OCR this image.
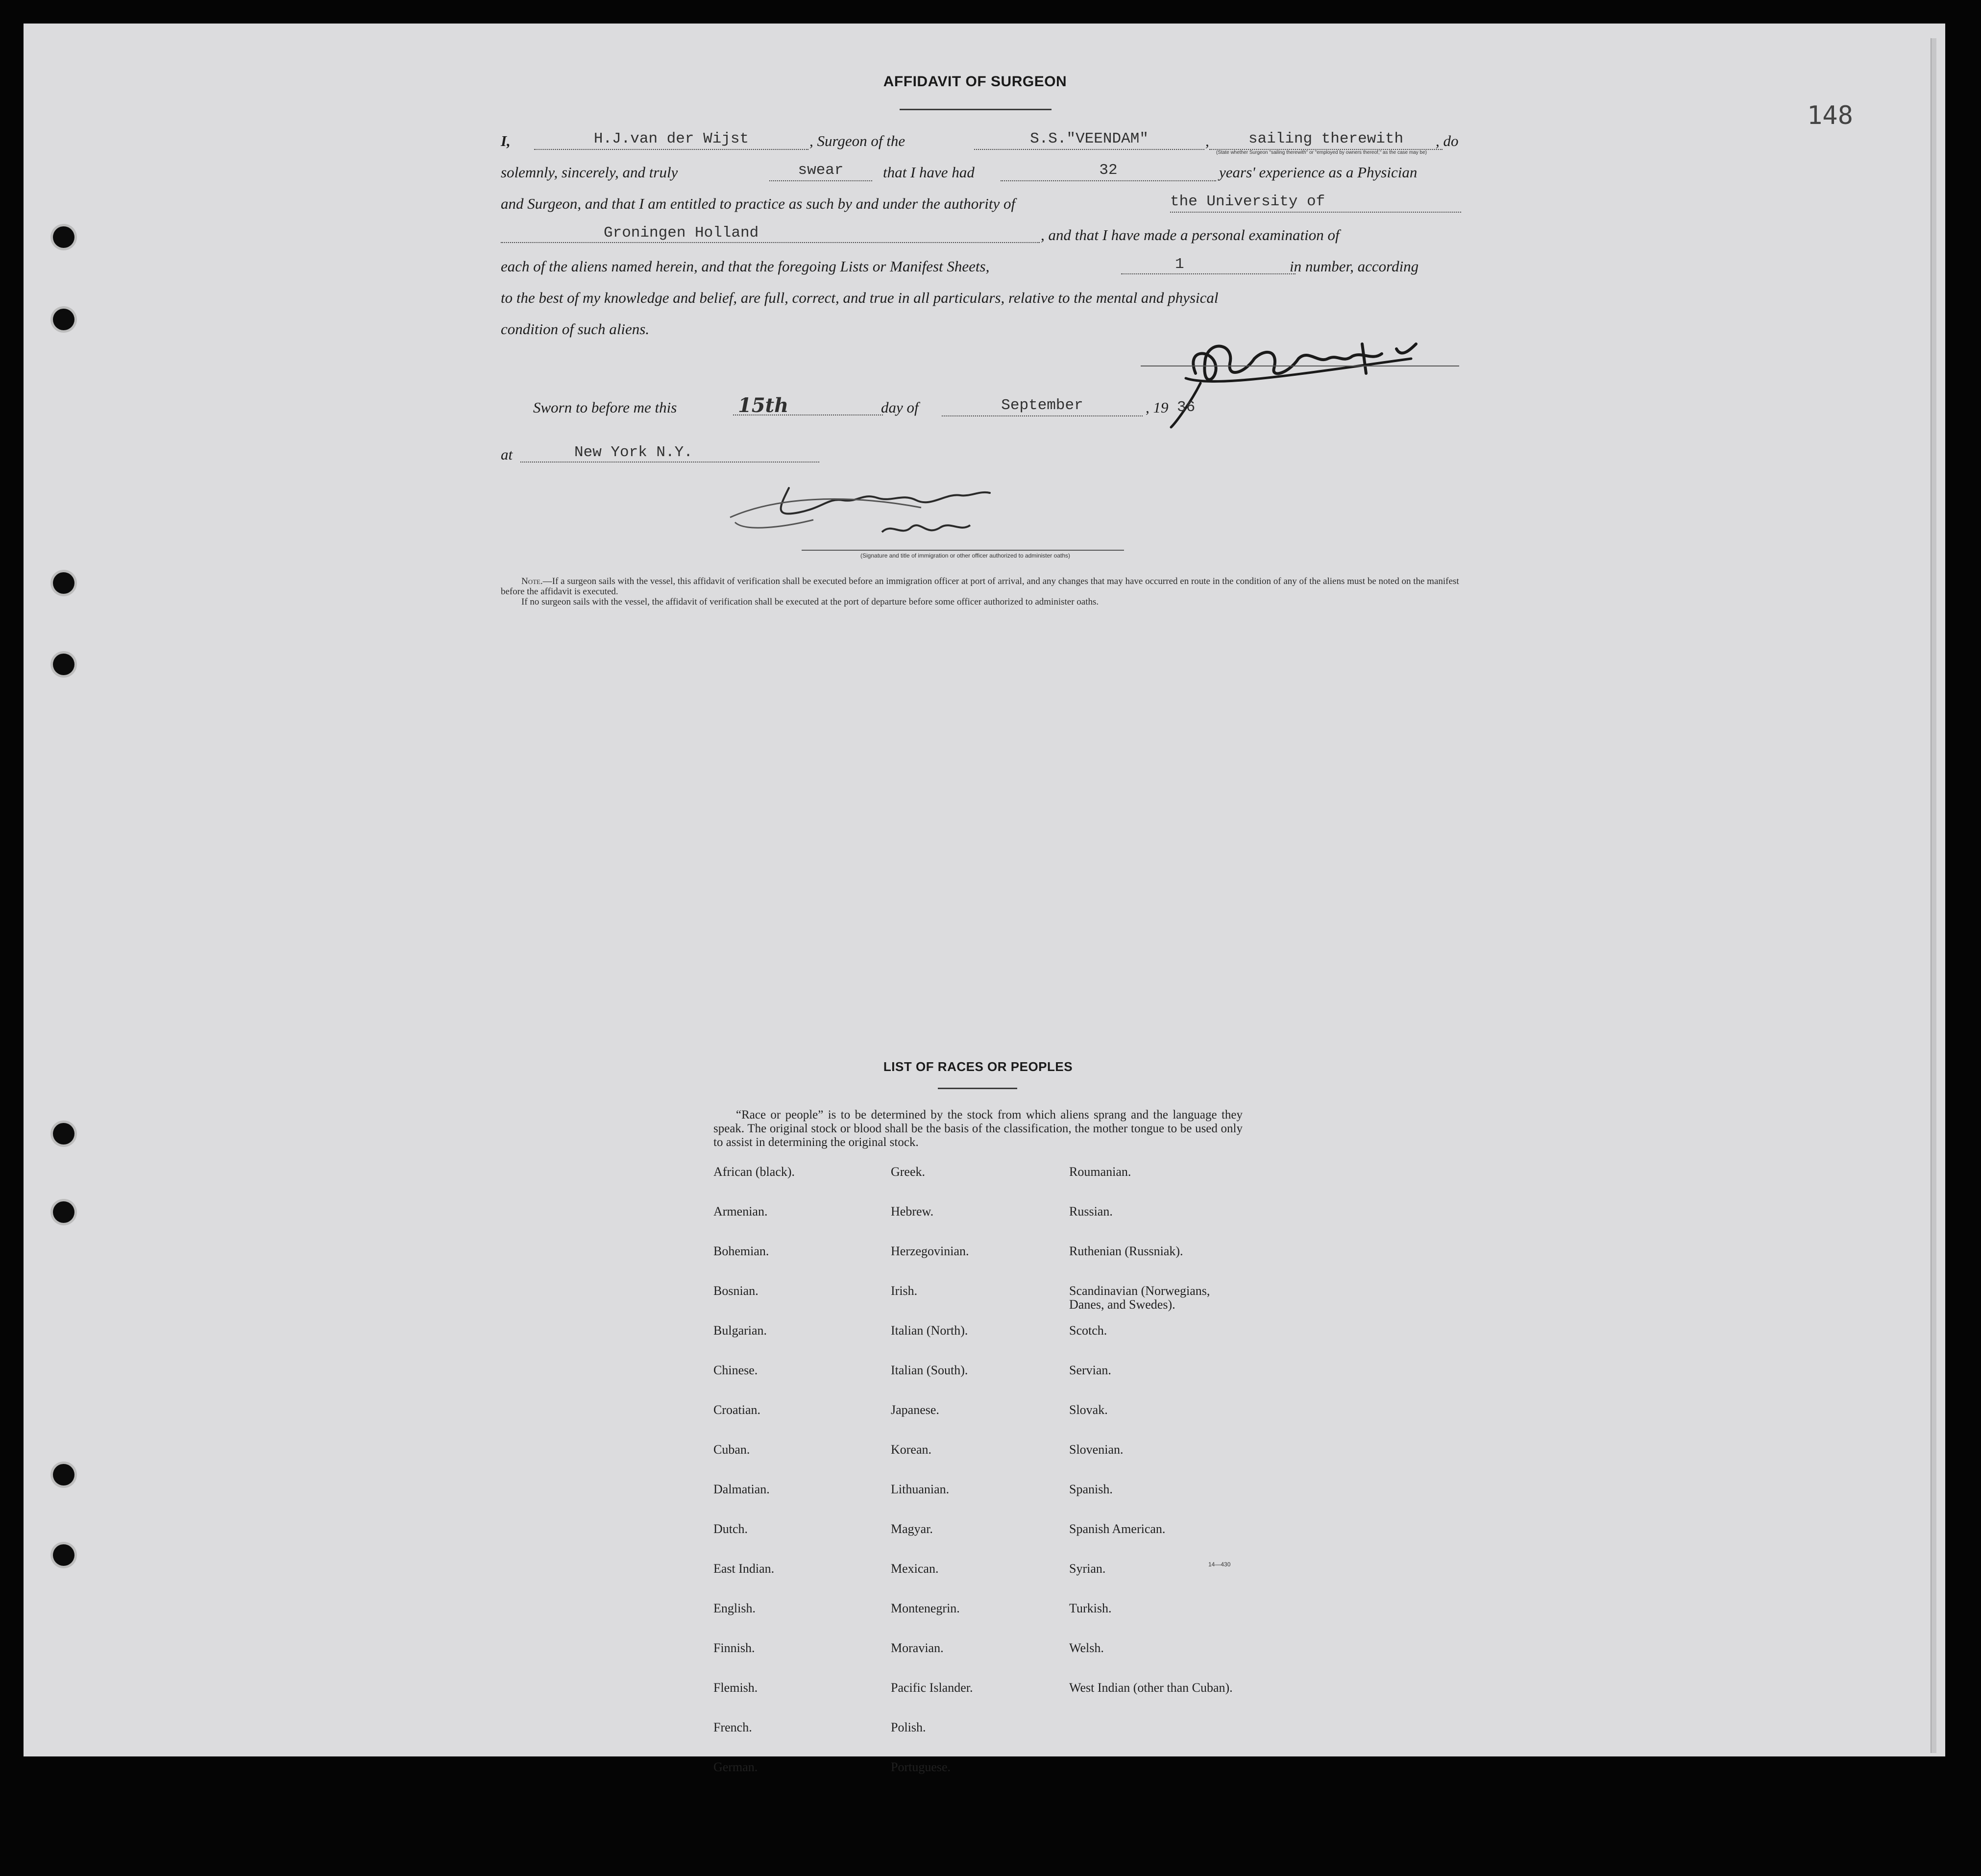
148
AFFIDAVIT OF SURGEON
I,	H.J.van der Wijst	, Surgeon of the	S.S."VEENDAM"	,	sailing therewith	, do
(State whether Surgeon "sailing therewith" or "employed by owners thereof," as the case may be)
solemnly, sincerely, and truly	swear	that I have had	32	years' experience as a Physician
and Surgeon, and that I am entitled to practice as such by and under the authority of	the University of
Groningen Holland	, and that I have made a personal examination of
each of the aliens named herein, and that the foregoing Lists or Manifest Sheets,	1	in number, according
to the best of my knowledge and belief, are full, correct, and true in all particulars, relative to the mental and physical
condition of such aliens.
Sworn to before me this	15th	day of	September	, 19 36
at	New York N.Y.
(Signature and title of immigration or other officer authorized to administer oaths)

Note.—If a surgeon sails with the vessel, this affidavit of verification shall be executed before an immigration officer at port of arrival, and any changes that may have occurred en route in the condition of any of the aliens must be noted on the manifest before the affidavit is executed.

If no surgeon sails with the vessel, the affidavit of verification shall be executed at the port of departure before some officer authorized to administer oaths.

LIST OF RACES OR PEOPLES
“Race or people” is to be determined by the stock from which aliens sprang and the language they speak. The original stock or blood shall be the basis of the classification, the mother tongue to be used only to assist in determining the original stock.
African (black).
Armenian.
Bohemian.
Bosnian.
Bulgarian.
Chinese.
Croatian.
Cuban.
Dalmatian.
Dutch.
East Indian.
English.
Finnish.
Flemish.
French.
German.
Greek.
Hebrew.
Herzegovinian.
Irish.
Italian (North).
Italian (South).
Japanese.
Korean.
Lithuanian.
Magyar.
Mexican.
Montenegrin.
Moravian.
Pacific Islander.
Polish.
Portuguese.
Roumanian.
Russian.
Ruthenian (Russniak).
Scandinavian (Norwegians, Danes, and Swedes).
Scotch.
Servian.
Slovak.
Slovenian.
Spanish.
Spanish American.
Syrian.
Turkish.
Welsh.
West Indian (other than Cuban).
14—430
